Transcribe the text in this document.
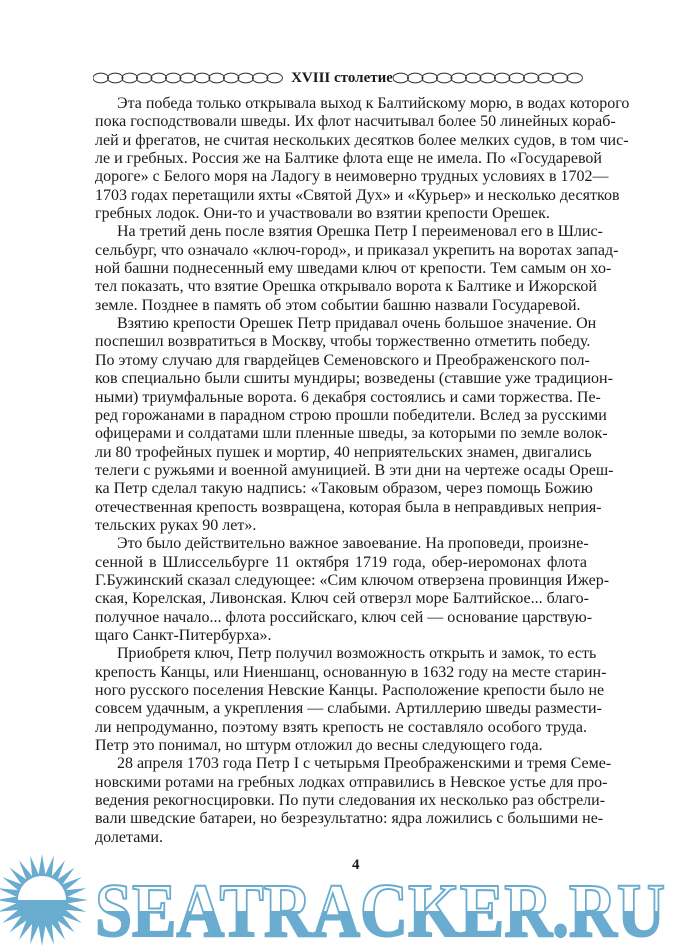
XVIII столетие
Эта победа только открывала выход к Балтийскому морю, в водах которого
пока господствовали шведы. Их флот насчитывал более 50 линейных кораб-
лей и фрегатов, не считая нескольких десятков более мелких судов, в том чис-
ле и гребных. Россия же на Балтике флота еще не имела. По «Государевой
дороге» с Белого моря на Ладогу в неимоверно трудных условиях в 1702—
1703 годах перетащили яхты «Святой Дух» и «Курьер» и несколько десятков
гребных лодок. Они-то и участвовали во взятии крепости Орешек.
На третий день после взятия Орешка Петр I переименовал его в Шлис-
сельбург, что означало «ключ-город», и приказал укрепить на воротах запад-
ной башни поднесенный ему шведами ключ от крепости. Тем самым он хо-
тел показать, что взятие Орешка открывало ворота к Балтике и Ижорской
земле. Позднее в память об этом событии башню назвали Государевой.
Взятию крепости Орешек Петр придавал очень большое значение. Он
поспешил возвратиться в Москву, чтобы торжественно отметить победу.
По этому случаю для гвардейцев Семеновского и Преображенского пол-
ков специально были сшиты мундиры; возведены (ставшие уже традицион-
ными) триумфальные ворота. 6 декабря состоялись и сами торжества. Пе-
ред горожанами в парадном строю прошли победители. Вслед за русскими
офицерами и солдатами шли пленные шведы, за которыми по земле волок-
ли 80 трофейных пушек и мортир, 40 неприятельских знамен, двигались
телеги с ружьями и военной амуницией. В эти дни на чертеже осады Ореш-
ка Петр сделал такую надпись: «Таковым образом, через помощь Божию
отечественная крепость возвращена, которая была в неправдивых неприя-
тельских руках 90 лет».
Это было действительно важное завоевание. На проповеди, произне-
сенной в Шлиссельбурге 11 октября 1719 года, обер-иеромонах флота
Г.Бужинский сказал следующее: «Сим ключом отверзена провинция Ижер-
ская, Корелская, Ливонская. Ключ сей отверзл море Балтийское... благо-
получное начало... флота российскаго, ключ сей — основание царствую-
щаго Санкт-Питербурха».
Приобретя ключ, Петр получил возможность открыть и замок, то есть
крепость Канцы, или Ниеншанц, основанную в 1632 году на месте старин-
ного русского поселения Невские Канцы. Расположение крепости было не
совсем удачным, а укрепления — слабыми. Артиллерию шведы размести-
ли непродуманно, поэтому взять крепость не составляло особого труда.
Петр это понимал, но штурм отложил до весны следующего года.
28 апреля 1703 года Петр I с четырьмя Преображенскими и тремя Семе-
новскими ротами на гребных лодках отправились в Невское устье для про-
ведения рекогносцировки. По пути следования их несколько раз обстрели-
вали шведские батареи, но безрезультатно: ядра ложились с большими не-
долетами.
4
SEATRACKER.RU
